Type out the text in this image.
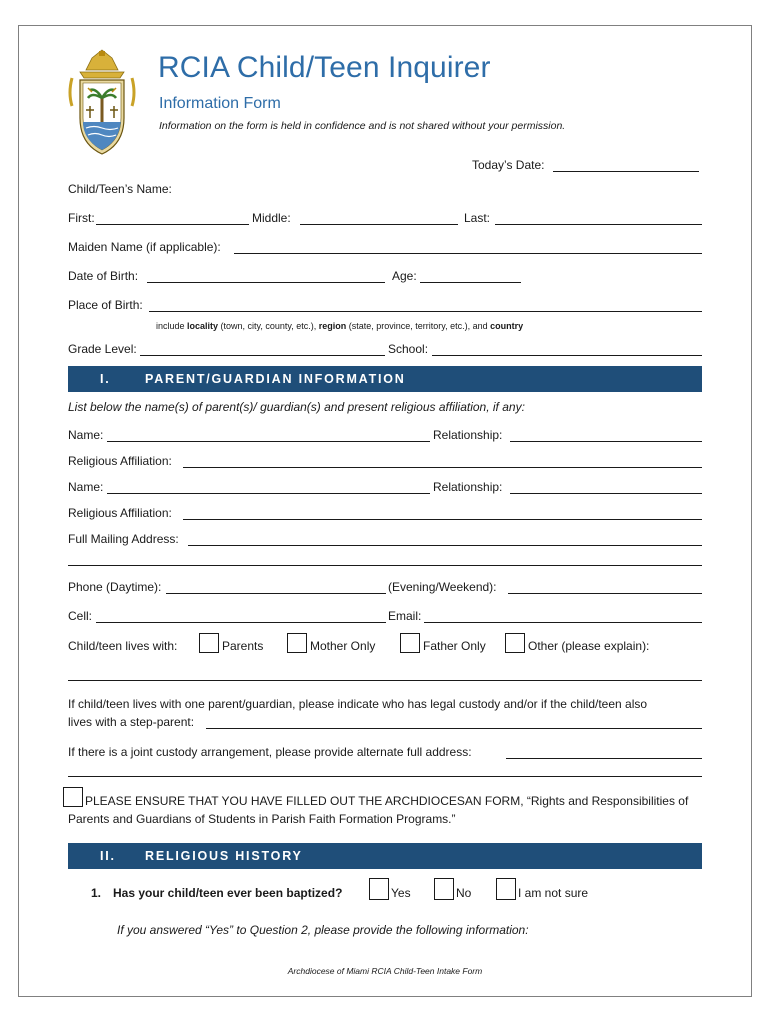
RCIA Child/Teen Inquirer
Information Form
Information on the form is held in confidence and is not shared without your permission.
Today’s Date:
Child/Teen’s Name:
First:	Middle:	Last:
Maiden Name (if applicable):
Date of Birth:	Age:
Place of Birth:
include locality (town, city, county, etc.), region (state, province, territory, etc.), and country
Grade Level:	School:
I.	PARENT/GUARDIAN INFORMATION
List below the name(s) of parent(s)/ guardian(s) and present religious affiliation, if any:
Name:	Relationship:
Religious Affiliation:
Name:	Relationship:
Religious Affiliation:
Full Mailing Address:
Phone (Daytime):	(Evening/Weekend):
Cell:	Email:
Child/teen lives with:	Parents	Mother Only	Father Only	Other (please explain):
If child/teen lives with one parent/guardian, please indicate who has legal custody and/or if the child/teen also
lives with a step-parent:
If there is a joint custody arrangement, please provide alternate full address:
PLEASE ENSURE THAT YOU HAVE FILLED OUT THE ARCHDIOCESAN FORM, “Rights and Responsibilities of
Parents and Guardians of Students in Parish Faith Formation Programs.”
II. RELIGIOUS HISTORY
1. Has your child/teen ever been baptized?	Yes	No	I am not sure
If you answered “Yes” to Question 2, please provide the following information:
Archdiocese of Miami RCIA Child-Teen Intake Form
